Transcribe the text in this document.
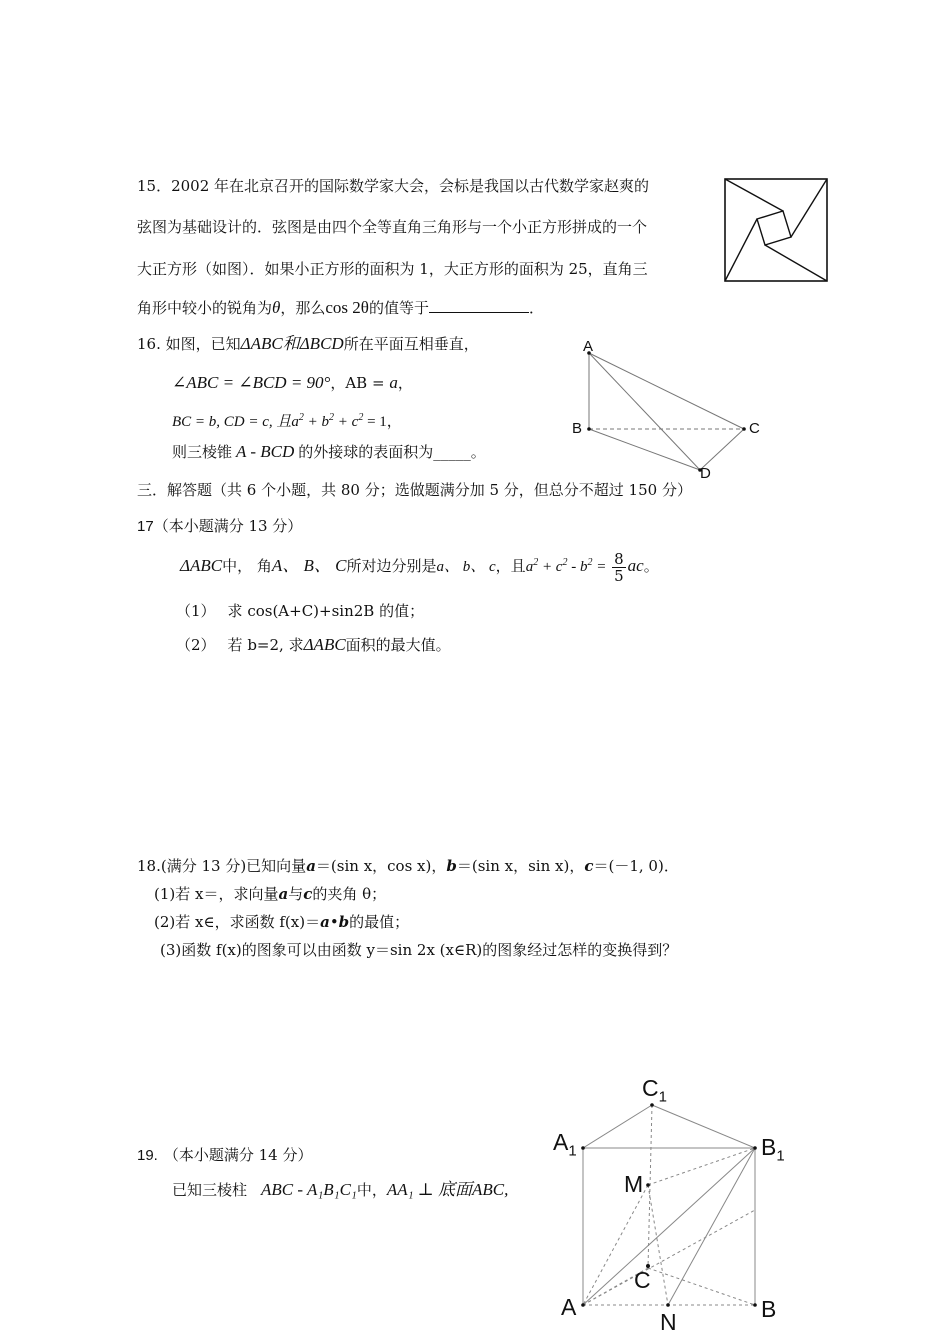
15．2002 年在北京召开的国际数学家大会，会标是我国以古代数学家赵爽的
弦图为基础设计的．弦图是由四个全等直角三角形与一个小正方形拼成的一个
大正方形（如图）．如果小正方形的面积为 1，大正方形的面积为 25，直角三
角形中较小的锐角为θ，那么cos 2θ的值等于	．
16. 如图，已知ΔABC和ΔBCD所在平面互相垂直，
∠ABC = ∠BCD = 90°，AB = a，
BC = b, CD = c, 且$a^2 + b^2 + c^2 = 1$，
则三棱锥 A - BCD 的外接球的表面积为_____。
A
B	C
D
三．解答题（共 6 个小题，共 80 分；选做题满分加 5 分，但总分不超过 150 分）
17（本小题满分 13 分）
ΔABC中， 角A、 B、 C所对边分别是a、 b、 c，且$a^2 + c^2 - b^2 = \frac{8}{5}$ ac。
（1） 求 cos(A+C)+sin2B 的值；
（2） 若 b=2, 求ΔABC面积的最大值。
18.(满分 13 分)已知向量a＝(sin x，cos x)，b＝(sin x，sin x)，c＝(－1, 0)．
(1)若 x＝，求向量a与c的夹角 θ；
(2)若 x∈，求函数 f(x)＝a•b的最值；
(3)函数 f(x)的图象可以由函数 y＝sin 2x (x∈R)的图象经过怎样的变换得到？
19. （本小题满分 14 分）
已知三棱柱 ABC - A₁B₁C₁中，AA₁ ⊥ 底面ABC,
$C_1$
$A_1$	$B_1$
M
C
A
N	B
